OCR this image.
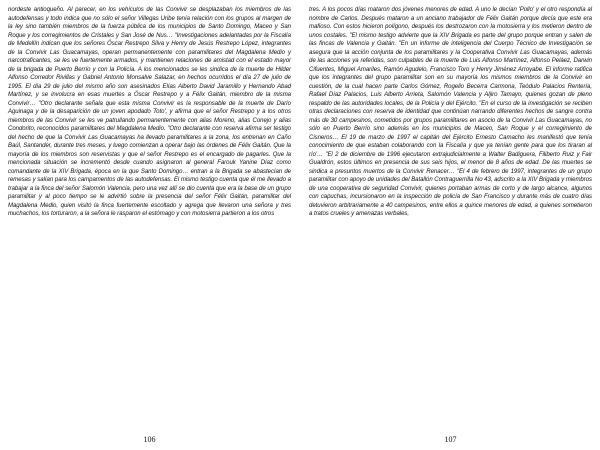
nordeste antioqueño. Al parecer, en los vehículos de las Convivir se desplazaban los miembros de las autodefensas y todo indica que no sólo el señor Villegas Uribe tenía relación con los grupos al margen de la ley sino también miembros de la fuerza pública de los municipios de Santo Domingo, Maceo y San Roque y los corregimientos de Cristales y San José de Nus… "Investigaciones adelantadas por la Fiscalía de Medellín indican que los señores Óscar Restrepo Silva y Henry de Jesús Restrepo López, integrantes de la Convivir Las Guacamayas, operan permanentemente con paramilitares del Magdalena Medio y narcotraficantes, se les ve fuertemente armados, y mantienen relaciones de amistad con el estado mayor de la brigada de Puerto Berrío y con la Policía. A los mencionados se les sindica de la muerte de Hilder Alfonso Corredor Rivillas y Gabriel Antonio Monsalve Salazar, en hechos ocurridos el día 27 de julio de 1995. El día 29 de julio del mismo año son asesinados Elías Alberto David Jaramillo y Hernando Abad Martínez, y se involucra en esas muertes a Óscar Restrepo y a Félix Gaitán, miembro de la misma Convivir… "Otro declarante señala que esta misma Convivir es la responsable de la muerte de Darío Aguinaga y de la desaparición de un joven apodado Toto', y afirma que el señor Restrepo y a los otros miembros de las Convivir se les ve patrullando permanentemente con alias Moreno, alias Conejo y alias Condorito, reconocidos paramilitares del Magdalena Medio. "Otro declarante con reserva afirma ser testigo del hecho de que la Convivir Las Guacamayas ha llevado paramilitares a la zona, los entrenan en Caño Baúl, Santander, durante tres meses, y luego comienzan a operar bajo las órdenes de Félix Gaitán. Que la mayoría de los miembros son reservistas y que el señor Restrepo es el encargado de pagarles. Que la mencionada situación se incrementó desde cuando asignaron al general Farouk Yanine Díaz como comandante de la XIV Brigada, época en la que Santo Domingo… entran a la Brigada se abastecían de remesas y salían para los campamentos de las autodefensas. El mismo testigo cuenta que él me llevado a trabajar a la finca del señor Salomón Valencia, pero una vez allí se dio cuenta que era la base de un grupo paramilitar y al poco tiempo se le advirtió sobre la presencia del señor Félix Gaitán, paramilitar del Magdalena Medio, quien visitó la finca fuertemente escoltado y agrega que llevaron una señora y tres muchachos, los torturaron, a la señora le rasparon el estómago y con motosierra partieron a los otros
106
tres. A los pocos días mataron dos jóvenes menores de edad. A uno le decían 'Pollo' y el otro respondía al nombre de Carlos. Después mataron a un anciano trabajador de Félix Gaitán porque decía que este era mafioso. Con estos hicieron polígono, después los destrozaron con la motosierra y los metieron dentro de unos costales. "El mismo testigo advierte que la XIV Brigada es parte del grupo porque entran y salen de las fincas de Valencia y Gaitán. "En un informe de inteligencia del Cuerpo Técnico de Investigación se asegura que la acción conjunta de los paramilitares y la Cooperativa Convivir Las Guacamayas, además de las acciones ya referidas, son culpables de la muerte de Luis Alfonso Martínez, Alfonso Peláez, Darwin Cifuentes, Miguel Amariles, Ramón Agudelo, Francisco Toro y Henry Jiménez Arroyabe. El informe ratifica que los integrantes del grupo paramilitar son en su mayoría los mismos miembros de la Convivir en cuestión, de la cual hacen parte Carlos Gómez, Rogelio Becerra Carmona, Teódulo Palacios Rentería, Rafael Díaz Palacios, Luis Alberto Arrieta, Salomón Valencia y Aljiro Tamayo, quienes gozan de pleno respaldo de las autoridades locales, de la Policía y del Ejército. "En el curso de la investigación se reciben otras declaraciones con reserva de identidad que continúan narrando diferentes hechos de sangre contra más de 30 campesinos, cometidos por grupos paramilitares en asocio de la Convivir Las Guacamayas, no sólo en Puerto Berrío sino además en los municipios de Maceo, San Roque y el corregimiento de Cisneros… El 19 de marzo de 1997 el capitán del Ejército Ernesto Camacho les manifestó que tenía conocimiento de que estaban colaborando con la Fiscalía y que ya tenían gente para que los tiraran al río'… "El 2 de diciembre de 1996 ejecutaron extrajudicialmente a Walter Badiguera, Filiberto Ruiz y Fair Gualdrón, estos últimos en presencia de sus seis hijos, el menor de 8 años de edad. De las muertes se sindica a presuntos muertos de la Convivir Renacer… "El 4 de febrero de 1997, integrantes de un grupo paramilitar con apoyo de unidades del Batallón Contraguerrilla No 43, adscrito a la XIV Brigada y miembros de una cooperativa de seguridad Convivir, quienes portaban armas de corto y de largo alcance, algunos con capuchas, incursionaron en la inspección de policía de San Francisco y durante más de cuatro días detuvieron arbitrariamente a 40 campesinos, entre ellos a quince menores de edad, a quienes sometieron a tratos crueles y amenazas verbales,
107
